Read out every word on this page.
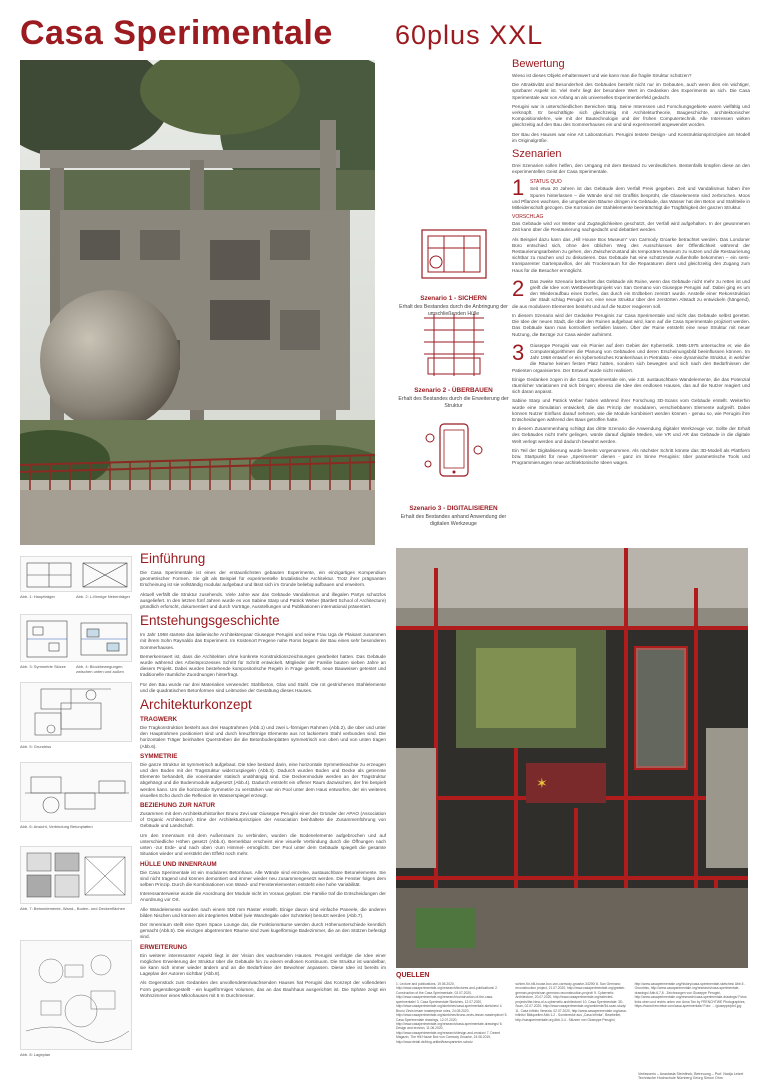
Casa Sperimentale 60plus XXL
Szenario 1 - SICHERN
Erhalt des Bestandes durch die Anbringung der umschließenden Hülle
Szenario 2 - ÜBERBAUEN
Erhalt des Bestandes durch die Erweiterung der Struktur
Szenario 3 - DIGITALISIEREN
Erhalt des Bestandes anhand Anwendung der digitalen Werkzeuge
Bewertung

Wieso ist dieses Objekt erhaltenswert und wie kann man die fragile Struktur schützen?

Die Attraktivität und Besonderheit des Gebäudes besteht nicht nur im Gebauten, auch wenn dies ein wichtiger, spürbarer Aspekt ist. Viel mehr liegt der besondere Wert im Gedanken des Experiments an sich. Die Casa Sperimentale war von Anfang an als universelles Experimentierfeld gedacht.

Perugini war in unterschiedlichen Bereichen tätig. Seine Interessen und Forschungsgebiete waren vielfältig und verknüpft. Er beschäftigte sich gleichzeitig mit Architekturtheorie, Baugeschichte, architektonischer Kompositionslehre, wie mit der Bautechnologie und der frühen Computertechnik. Alle Interessen wirken gleichzeitig auf den Bau des Sommerhauses ein und sind experimentell angewendet worden.

Der Bau des Hauses war eine Art Laboratorium. Perugini testete Design- und Konstruktionsprinzipien am Modell im Originalgröße.

Szenarien

Drei Szenarien sollen helfen, den Umgang mit dem Bestand zu verdeutlichen. Bestenfalls knüpfen diese an den experimentellen Geist der Casa Sperimentale.

1	STATUS QUO

Seit etwa 20 Jahren ist das Gebäude dem Verfall Preis gegeben. Zeit und Vandalismus haben ihre Spuren hinterlassen – die Wände sind mit Graffitis besprüht, die Glaselemente sind zerbrochen. Moos und Pflanzen wachsen, die umgebenden Bäume dringen ins Gebäude, das Wasser hat den Beton und Stahlteile in Mitleidenschaft gezogen. Die Korrosion der Stahlelemente beeinträchtigt die Tragfähigkeit der ganzen Struktur.

VORSCHLAG

Das Gebäude wird vor Wetter und Zugänglichkeiten geschützt, der Verfall wird aufgehalten. In der gewonnenen Zeit kann über die Restaurierung nachgedacht und debattiert werden.

Als Beispiel dazu kann das „Hill House Box Museum“ von Carmody Groarke betrachtet werden. Das Londoner Büro entschied sich, ohne den üblichen Weg des Ausschlusses der Öffentlichkeit während der Restaurierungsarbeiten zu gehen, den Zwischenzustand als temporäres Museum zu nutzen und die Restaurierung sichtbar zu machen und zu diskutieren. Das Gebäude hat eine schützende Außenhülle bekommen – ein semi-transparenter Gartenpavillon, der als Trockenraum für die Reparaturen dient und gleichzeitig den Zugang zum Haus für die Besucher ermöglicht.

2	Das zweite Szenario betrachtet das Gebäude als Ruine, wenn das Gebäude nicht mehr zu retten ist und greift die Idee vom Wettbewerbsprojekt von San Gemano von Giuseppe Perugini auf. Dabei ging es um den Wiederaufbau eines Dorfes, das durch ein Erdbeben zerstört wurde. Anstelle einer Rekonstruktion der Stadt schlug Perugini vor, eine neue Struktur über den zerstörten Altstadt zu entwickeln (hängend), die aus modularen Elementen besteht und auf die Nutzer reagieren soll.

In diesem Szenario wird der Gedanke Peruginis zur Casa Sperimentale und nicht das Gebäude selbst gerettet. Die Idee der neuen Stadt, die über den Ruinen aufgebaut wird, kann auf die Casa Sperimentale projiziert werden. Das Gebäude kann man kontrolliert verfallen lassen. Über der Ruine entsteht eine neue Struktur mit neuer Nutzung, die Bezüge zur Casa wieder aufnimmt.

3	Giuseppe Perugini war ein Pionier auf dem Gebiet der Kybernetik. 1965-1975 untersuchte er, wie die Computeralgorithmen die Planung von Gebäuden und deren Erscheinungsbild beeinflussen können. Im Jahr 1968 entwarf er ein kybernetisches Krankenhaus in Pietralata - eine dynamische Struktur, in welcher die Räume keinen festen Platz hatten, sondern sich bewegten und sich nach den Bedürfnissen der Patienten organisierten. Der Entwurf wurde nicht realisiert.

Einige Gedanken zogen in die Casa Sperimentale ein, wie z.B. austauschbare Wandelemente, die das Potenzial räumlicher Variationen mit sich bringen; ebenso die Idee des endlosen Hauses, das auf die Nutzer reagiert und sich daran anpasst.

Sabine Starp und Patrick Weber haben während ihrer Forschung 3D-Scans vom Gebäude erstellt. Weiterhin wurde eine Simulation entwickelt, die das Prinzip der modularen, verschiebbaren Elemente aufgreift. Dabei können Nutzer Einfluss darauf nehmen, wie die Module kombiniert werden können - genau so, wie Perugini ihre Entscheidungen während des Baus getroffen hatte.

In diesem Zusammenhang schlägt das dritte Szenario die Anwendung digitaler Werkzeuge vor. Sollte der Erhalt des Gebäudes nicht mehr gelingen, würde darauf digitale Medien, wie VR und AR das Gebäude in die digitale Welt verlegt werden und dadurch bewahrt werden.

Ein Teil der Digitalisierung wurde bereits vorgenommen. Als nächster Schritt könnte das 3D-Modell als Plattform bzw. Startpunkt für neue „Sperimente“ dienen - ganz im Sinne Peruginis: über parametrische Tools und Programmierungen neue architektonische Ideen wagen.

Abb. 1: Hauptträger	Abb. 2: L-förmige Nebenträger
Abb. 3: Symmetrie Skizze	Abb. 4: Blockbewegungen zwischen unten und außen
Abb. 5: Grundriss
Abb. 6: Ansicht, Verbindung Betonplatten
Abb. 7: Betonelemente, Wand-, Boden- und Deckenflächen
Abb. 8: Lageplan
Einführung

Die Casa Sperimentale ist eines der erstaunlichsten gebauten Experimente, ein einzigartiges Kompendium geometrischer Formen. Sie gilt als Beispiel für experimentelle brutalistische Architektur. Trotz ihrer prägnanten Erscheinung ist sie vollständig modular aufgebaut und lässt sich im Grunde beliebig aufbauen und erweitern.

Aktuell verfällt die Struktur zusehends. Viele Jahre war das Gebäude Vandalismus und illegalen Partys schutzlos ausgeliefert. In den letzten fünf Jahren wurde es von Sabine Starp und Patrick Weber (Bartlett School of Architecture) gründlich erforscht, dokumentiert und durch Vorträge, Ausstellungen und Publikationen international präsentiert.

Entstehungsgeschichte

Im Jahr 1968 startete das italienische Architektenpaar Giuseppe Perugini und seine Frau Uga de Plaisant zusammen mit ihrem Sohn Raynaldo das Experiment. Im Küstenort Fregene nahe Roms begann der Bau eines sehr besonderen Sommerhauses.

Bemerkenswert ist, dass die Architekten ohne konkrete Konstruktionszeichnungen gearbeitet hatten. Das Gebäude wurde während des Arbeitsprozesses Schritt für Schritt entwickelt. Mitglieder der Familie bauten sieben Jahre an diesem Projekt. Dabei wurden bestehende kompositorische Regeln in Frage gestellt, neue Bauweisen getestet und traditionelle räumliche Zuordnungen hinterfragt.

Für den Bau wurde nur drei Materialien verwendet: Stahlbeton, Glas und Stahl. Die rot gestrichenen Stahlelemente und die quadratischen Betonformen sind Leitmotive der Gestaltung dieses Hauses.

Architekturkonzept
TRAGWERK

Die Tragkonstruktion besteht aus drei Hauptrahmen (Abb.1) und zwei L-förmigen Rahmen (Abb.2), die über und unter den Hauptrahmen positioniert sind und durch kreuzförmige Elemente aus rot lackiertem Stahl verbunden sind. Die horizontalen Träger beinhalten Querstreben die die Betonbodenplatten symmetrisch von oben und von unten tragen (Abb.6).

SYMMETRIE

Die ganze Struktur ist symmetrisch aufgebaut. Die Idee bestand darin, eine horizontale Symmetrieachse zu erzeugen und den Boden mit der Tragstruktur widerzuspiegeln (Abb.3). Dadurch wurden Boden und Decke als getrennte Elemente behandelt, die voneinander statisch unabhängig sind. Die Deckenmodule werden an der Tragstruktur abgehängt und die Bodenmodule aufgesetzt (Abb.4). Dadurch entsteht ein offener Raum dazwischen, der frei bespielt werden kann. Um die horizontale Symmetrie zu verstärken war ein Pool unter dem Haus entworfen, der ein weiteres visuelles Echo durch die Reflexion im Wasserspiegel erzeugt.

BEZIEHUNG ZUR NATUR

Zusammen mit dem Architekturhistoriker Bruno Zevi war Giuseppe Perugini einer der Gründer der APAO (Association of Organic Architecture). Eine der Architekturprinzipien der Association beinhaltete die Zusammenführung von Gebäude und Landschaft.

Um den Innenraum mit dem Außenraum zu verbinden, wurden die Bodenelemente aufgebrochen und auf unterschiedliche Höhen gesetzt (Abb.4). Bemerkbar erscheint eine visuelle Verbindung durch die Öffnungen nach unten -zur Erde- und nach oben -zum Himmel- ermöglicht. Der Pool unter dem Gebäude spiegelt die gesamte Situation wieder und verstärkt den Effekt noch mehr.

HÜLLE UND INNENRAUM

Die Casa Sperimentale ist ein modulares Betonhaus. Alle Wände sind einzelne, austauschbare Betonelemente. Sie sind nicht tragend und können demontiert und immer wieder neu zusammengesetzt werden. Die Fenster folgen dem selben Prinzip. Durch die Kombinationen von Wand- und Fensterelementen entsteht eine hohe Variabilität.

Interessanterweise wurde die Anordnung der Module nicht im Voraus geplant. Die Familie traf die Entscheidungen der Anordnung vor Ort.

Alle Wandelemente wurden nach einem 500 mm Raster erstellt. Einige davon sind einfache Paneele, die anderen bilden Nischen und können als integriertes Möbel (wie Wandregale oder Schränke) benutzt werden (Abb.7).

Der Innenraum stellt eine Open Space Lounge dar, die Funktionsräume werden durch Höhenunterschiede kenntlich gemacht (Abb.5). Die einzigen abgetrennten Räume sind zwei kugelförmige Badezimmer, die an den Stützen befestigt sind.

ERWEITERUNG

Ein weiterer interessanter Aspekt liegt in der Vision des wachsenden Hauses. Perugini verfolgte die Idee einer möglichen Erweiterung der Struktur über die Gebäude hin zu einem endlosen Kontinuum. Die Struktur ist wandelbar, sie kann sich immer wieder ändern und an die Bedürfnisse der Bewohner anpassen. Diese Idee ist bereits im Lageplan der Autoren sichtbar (Abb.8).

Als Gegenstück zum Gedanken des unvollendeten/wachsenden Hauses hat Perugini das Konzept der vollendeten Form gegenübergestellt - ein kugelförmiges Volumen, das an das Bauhhaus ausgerichtet ist. Die Sphäre zeigt ein Wohnzimmer eines Mikrohauses mit 5 m Durchmesser.

✶
QUELLEN
1. Lecture and publications, 19.06.2020, http://www.casaperimentale.org/research/lectures-and-publications/ 2. Construction of the Casa Sperimentale, 03.07.2020, http://www.casaperimentale.org/research/construction-of-the-casa-sperimentale/ 3. Casa Sperimentale Sketches, 12.07.2020, http://www.casaperimentale.org/sketches/casa-sperimentale-sketches/ 4. Bruno Zevis lesser masterpiece rules, 24.08.2020, http://www.casaperimentale.org/sketches/bruno-zevis-lesser-masterpiece/ 5. Casa Sperimentale drawings, 12.07.2020, http://www.casaperimentale.org/research/casa-sperimentale-drawings/ 6. Design and erosion, 11.06.2020, http://www.casaperimentale.org/research/design-and-erosion/ 7. Desert Magazin, The Hill House Box von Carmody Groarke, 24.08.2019, http://www.detail.de/blog-artikel/transparenter-schutz
schirm-für-hill-house-box-von-carmody-groarke-34290/ 8. San Germano reconstruction project, 21.07.2020, http://www.casaperimentale.org/greater-german-projects/san-germano-reconstruction-project/ 9. Cybernetic Architecture, 20.07.2020, http://www.casaperimentale.org/selected-projects/the-idea-of-a-cybernetic-architecture/ 10. Casa Sperimentale: 3D-Scan, 02.07.2020, http://www.casaperimentale.org/ambiente/3d-scan-study/ 11. Casa Infinito Venezia, 02.07.2020, http://www.casaperimentale.org/casa-infinito/ Bildquellen Abb.1-2 - Sonderecke aus „Casa Infinita“, Bearbeitet, http://casaperimentale.org Abb.3-4 - Skizzen von Giuseppe Perugini,
http://www.casaperimentale.org/history/casa-sperimentale-sketches/ Abb.5 - Grundriss, http://www.casaperimentale.org/research/casa-sperimentale-drawings/ Abb.6,7,8 - Zeichnungen von Giuseppe Perugini, http://www.casaperimentale.org/research/casa-sperimentale-drawings/ Fotos links oben und rechts unten von Anna Tan by FRENCHTWE Photographies, https://www.frenchtwe.com/casa-sperimentale/ Foto: …/giuseppe/pb4.jpg
Verfasserin – Anastasia Steinfinck, Betreuung – Prof. Nadja Letzel Technische Hochschule Nürnberg Georg Simon Ohm
